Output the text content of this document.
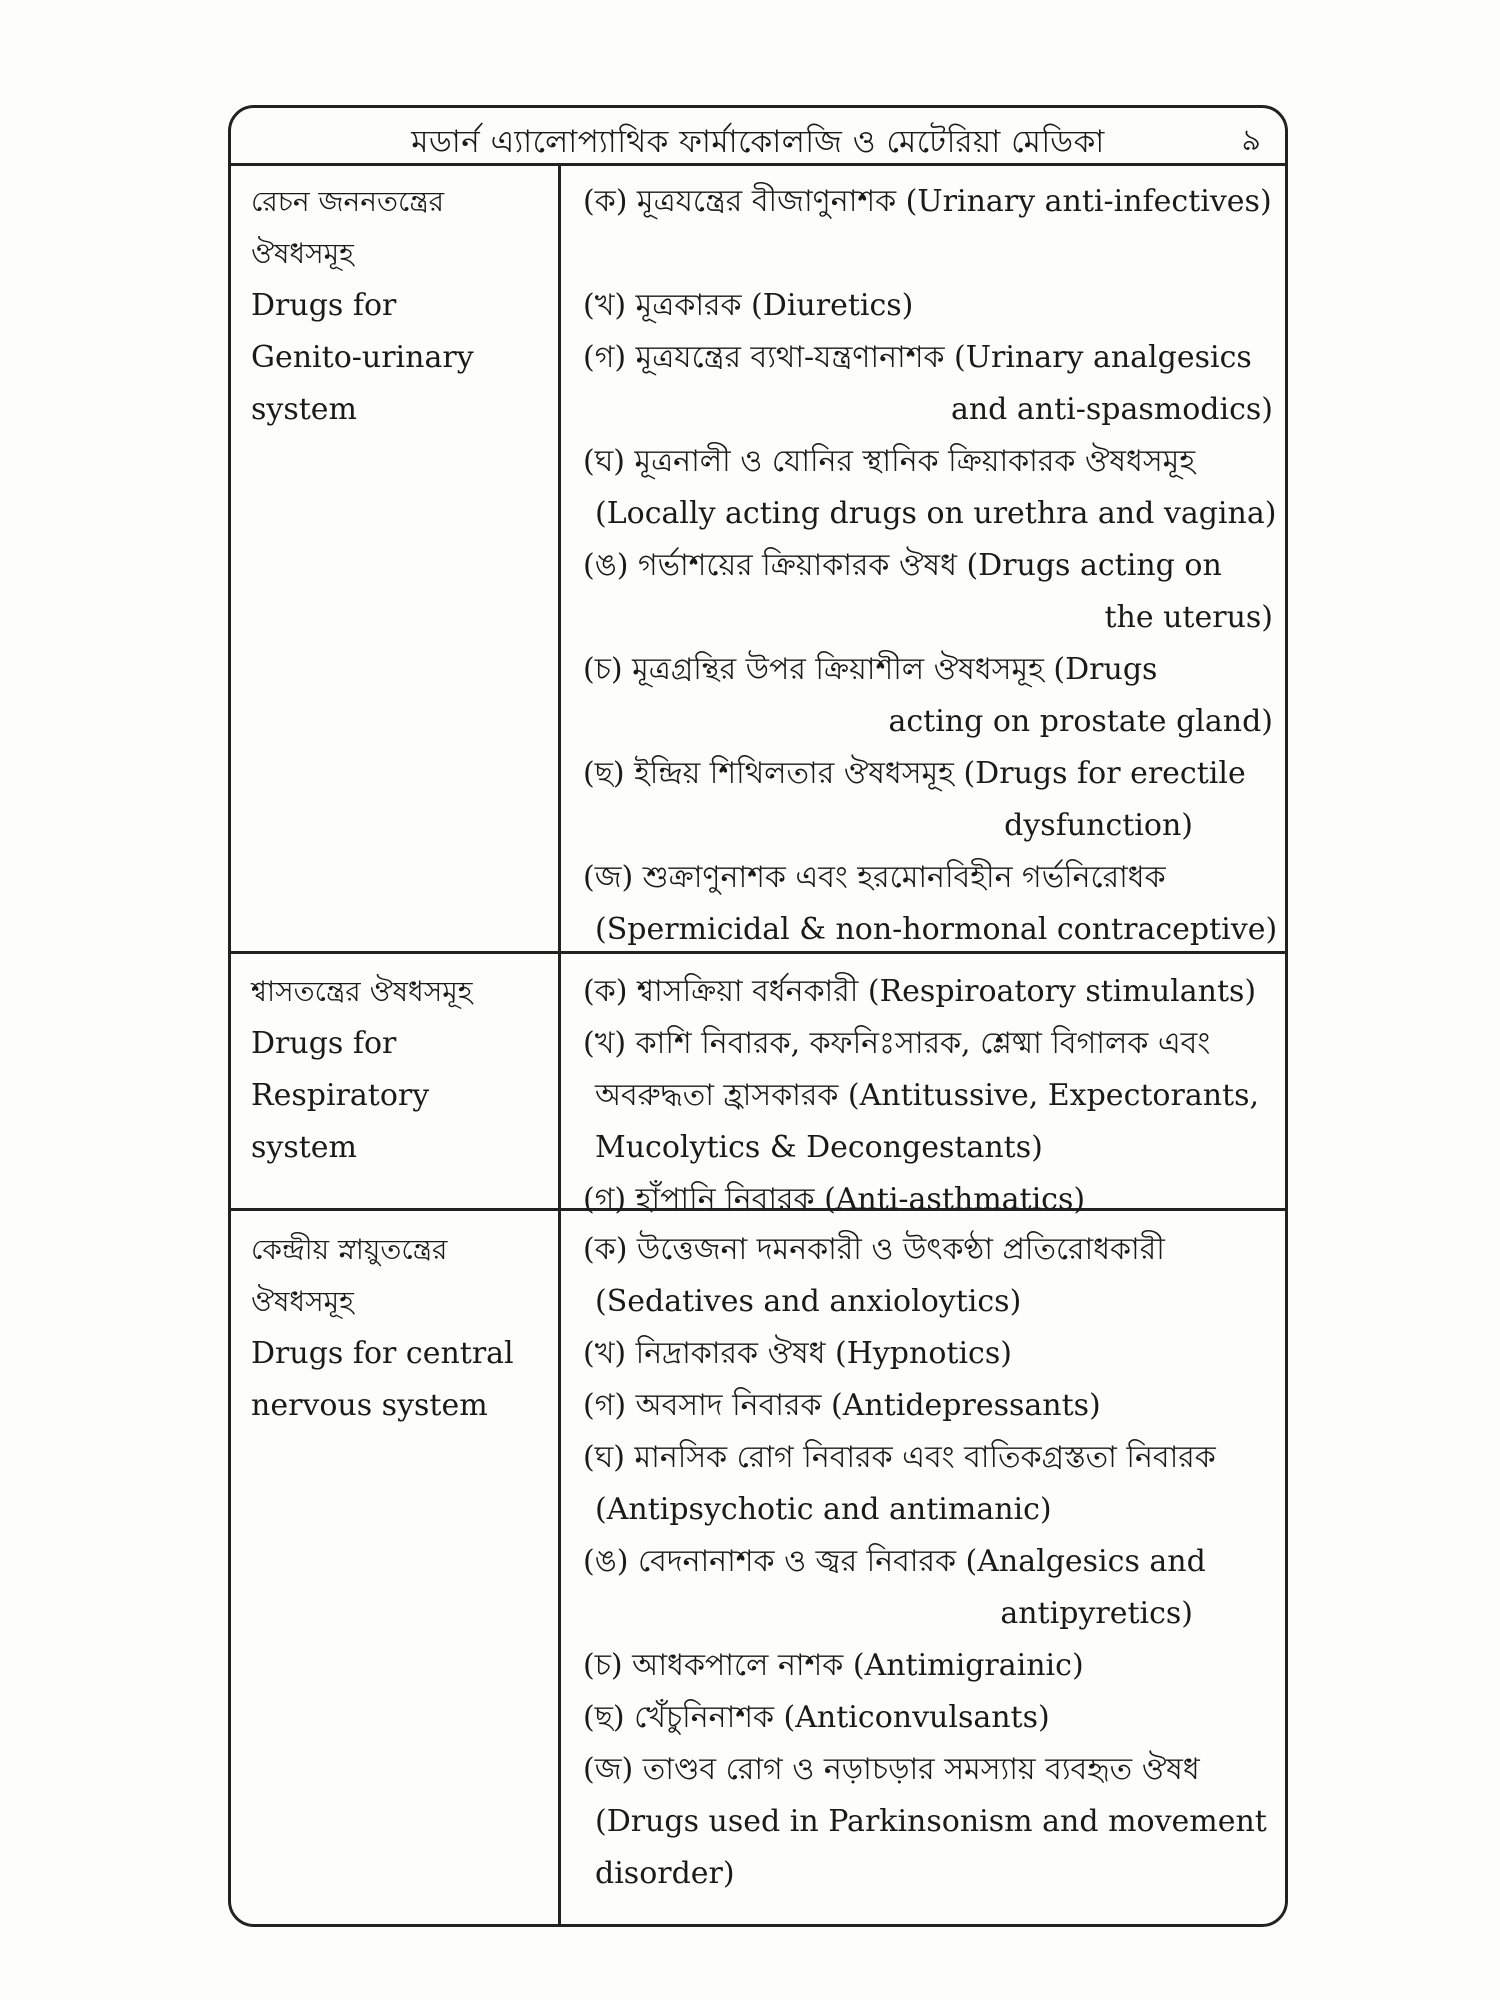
মডার্ন এ্যালোপ্যাথিক ফার্মাকোলজি ও মেটেরিয়া মেডিকা	৯
রেচন জননতন্ত্রের
ঔষধসমূহ
Drugs for
Genito-urinary
system
(ক) মূত্রযন্ত্রের বীজাণুনাশক (Urinary anti-infectives)
(খ) মূত্রকারক (Diuretics)
(গ) মূত্রযন্ত্রের ব্যথা-যন্ত্রণানাশক (Urinary analgesics
and anti-spasmodics)
(ঘ) মূত্রনালী ও যোনির স্থানিক ক্রিয়াকারক ঔষধসমূহ
(Locally acting drugs on urethra and vagina)
(ঙ) গর্ভাশয়ের ক্রিয়াকারক ঔষধ (Drugs acting on
the uterus)
(চ) মূত্রগ্রন্থির উপর ক্রিয়াশীল ঔষধসমূহ (Drugs
acting on prostate gland)
(ছ) ইন্দ্রিয় শিথিলতার ঔষধসমূহ (Drugs for erectile
dysfunction)
(জ) শুক্রাণুনাশক এবং হরমোনবিহীন গর্ভনিরোধক
(Spermicidal & non-hormonal contraceptive)
শ্বাসতন্ত্রের ঔষধসমূহ
Drugs for
Respiratory
system
(ক) শ্বাসক্রিয়া বর্ধনকারী (Respiroatory stimulants)
(খ) কাশি নিবারক, কফনিঃসারক, শ্লেষ্মা বিগালক এবং
অবরুদ্ধতা হ্রাসকারক (Antitussive, Expectorants,
Mucolytics & Decongestants)
(গ) হাঁপানি নিবারক (Anti-asthmatics)
কেন্দ্রীয় স্নায়ুতন্ত্রের
ঔষধসমূহ
Drugs for central
nervous system
(ক) উত্তেজনা দমনকারী ও উৎকণ্ঠা প্রতিরোধকারী
(Sedatives and anxioloytics)
(খ) নিদ্রাকারক ঔষধ (Hypnotics)
(গ) অবসাদ নিবারক (Antidepressants)
(ঘ) মানসিক রোগ নিবারক এবং বাতিকগ্রস্ততা নিবারক
(Antipsychotic and antimanic)
(ঙ) বেদনানাশক ও জ্বর নিবারক (Analgesics and
antipyretics)
(চ) আধকপালে নাশক (Antimigrainic)
(ছ) খেঁচুনিনাশক (Anticonvulsants)
(জ) তাণ্ডব রোগ ও নড়াচড়ার সমস্যায় ব্যবহৃত ঔষধ
(Drugs used in Parkinsonism and movement
disorder)
